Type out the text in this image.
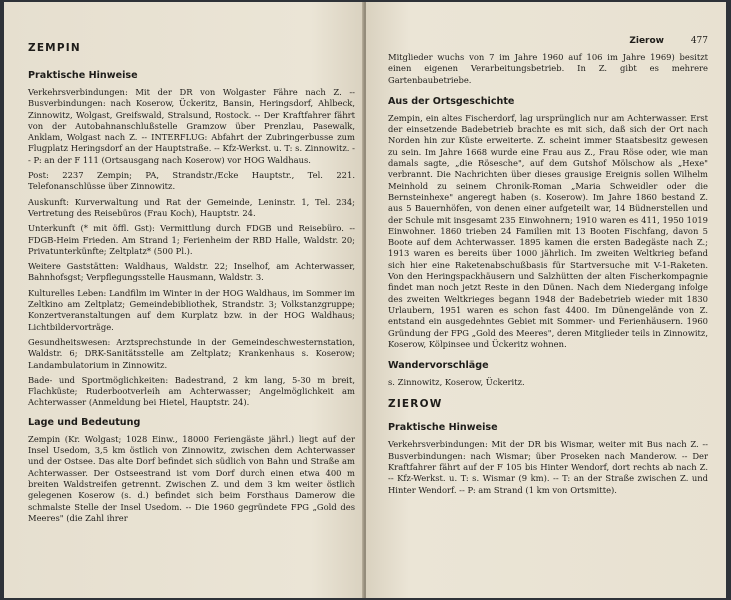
ZEMPIN
Praktische Hinweise

Verkehrsverbindungen: Mit der DR von Wolgaster Fähre nach Z. -- Busverbindungen: nach Koserow, Ückeritz, Bansin, Heringsdorf, Ahlbeck, Zinnowitz, Wolgast, Greifswald, Stralsund, Rostock. -- Der Kraftfahrer fährt von der Autobahnanschlußstelle Gramzow über Prenzlau, Pasewalk, Anklam, Wolgast nach Z. -- INTERFLUG: Abfahrt der Zubringerbusse zum Flugplatz Heringsdorf an der Hauptstraße. -- Kfz-Werkst. u. T: s. Zinnowitz. -- P: an der F 111 (Ortsausgang nach Koserow) vor HOG Waldhaus.

Post: 2237 Zempin; PA, Strandstr./Ecke Hauptstr., Tel. 221. Telefonanschlüsse über Zinnowitz.

Auskunft: Kurverwaltung und Rat der Gemeinde, Leninstr. 1, Tel. 234; Vertretung des Reisebüros (Frau Koch), Hauptstr. 24.

Unterkunft (* mit öffl. Gst): Vermittlung durch FDGB und Reisebüro. -- FDGB-Heim Frieden. Am Strand 1; Ferienheim der RBD Halle, Waldstr. 20; Privatunterkünfte; Zeltplatz* (500 Pl.).

Weitere Gaststätten: Waldhaus, Waldstr. 22; Inselhof, am Achterwasser, Bahnhofsgst; Verpflegungsstelle Hausmann, Waldstr. 3.

Kulturelles Leben: Landfilm im Winter in der HOG Waldhaus, im Sommer im Zeltkino am Zeltplatz; Gemeindebibliothek, Strandstr. 3; Volkstanzgruppe; Konzertveranstaltungen auf dem Kurplatz bzw. in der HOG Waldhaus; Lichtbildervorträge.

Gesundheitswesen: Arztsprechstunde in der Gemeindeschwesternstation, Waldstr. 6; DRK-Sanitätsstelle am Zeltplatz; Krankenhaus s. Koserow; Landambulatorium in Zinnowitz.

Bade- und Sportmöglichkeiten: Badestrand, 2 km lang, 5-30 m breit, Flachküste; Ruderbootverleih am Achterwasser; Angelmöglichkeit am Achterwasser (Anmeldung bei Hietel, Hauptstr. 24).

Lage und Bedeutung

Zempin (Kr. Wolgast; 1028 Einw., 18000 Feriengäste jährl.) liegt auf der Insel Usedom, 3,5 km östlich von Zinnowitz, zwischen dem Achterwasser und der Ostsee. Das alte Dorf befindet sich südlich von Bahn und Straße am Achterwasser. Der Ostseestrand ist vom Dorf durch einen etwa 400 m breiten Waldstreifen getrennt. Zwischen Z. und dem 3 km weiter östlich gelegenen Koserow (s. d.) befindet sich beim Forsthaus Damerow die schmalste Stelle der Insel Usedom. -- Die 1960 gegründete FPG „Gold des Meeres" (die Zahl ihrer

Zierow	477

Mitglieder wuchs von 7 im Jahre 1960 auf 106 im Jahre 1969) besitzt einen eigenen Verarbeitungsbetrieb. In Z. gibt es mehrere Gartenbaubetriebe.

Aus der Ortsgeschichte

Zempin, ein altes Fischerdorf, lag ursprünglich nur am Achterwasser. Erst der einsetzende Badebetrieb brachte es mit sich, daß sich der Ort nach Norden hin zur Küste erweiterte. Z. scheint immer Staatsbesitz gewesen zu sein. Im Jahre 1668 wurde eine Frau aus Z., Frau Röse oder, wie man damals sagte, „die Rösesche", auf dem Gutshof Mölschow als „Hexe" verbrannt. Die Nachrichten über dieses grausige Ereignis sollen Wilhelm Meinhold zu seinem Chronik-Roman „Maria Schweidler oder die Bernsteinhexe" angeregt haben (s. Koserow). Im Jahre 1860 bestand Z. aus 5 Bauernhöfen, von denen einer aufgeteilt war, 14 Büdnerstellen und der Schule mit insgesamt 235 Einwohnern; 1910 waren es 411, 1950 1019 Einwohner. 1860 trieben 24 Familien mit 13 Booten Fischfang, davon 5 Boote auf dem Achterwasser. 1895 kamen die ersten Badegäste nach Z.; 1913 waren es bereits über 1000 jährlich. Im zweiten Weltkrieg befand sich hier eine Raketenabschußbasis für Startversuche mit V-1-Raketen. Von den Heringspackhäusern und Salzhütten der alten Fischerkompagnie findet man noch jetzt Reste in den Dünen. Nach dem Niedergang infolge des zweiten Weltkrieges begann 1948 der Badebetrieb wieder mit 1830 Urlaubern, 1951 waren es schon fast 4400. Im Dünengelände von Z. entstand ein ausgedehntes Gebiet mit Sommer- und Ferienhäusern. 1960 Gründung der FPG „Gold des Meeres", deren Mitglieder teils in Zinnowitz, Koserow, Kölpinsee und Ückeritz wohnen.

Wandervorschläge

s. Zinnowitz, Koserow, Ückeritz.

ZIEROW
Praktische Hinweise

Verkehrsverbindungen: Mit der DR bis Wismar, weiter mit Bus nach Z. -- Busverbindungen: nach Wismar; über Proseken nach Manderow. -- Der Kraftfahrer fährt auf der F 105 bis Hinter Wendorf, dort rechts ab nach Z. -- Kfz-Werkst. u. T: s. Wismar (9 km). -- T: an der Straße zwischen Z. und Hinter Wendorf. -- P: am Strand (1 km von Ortsmitte).
